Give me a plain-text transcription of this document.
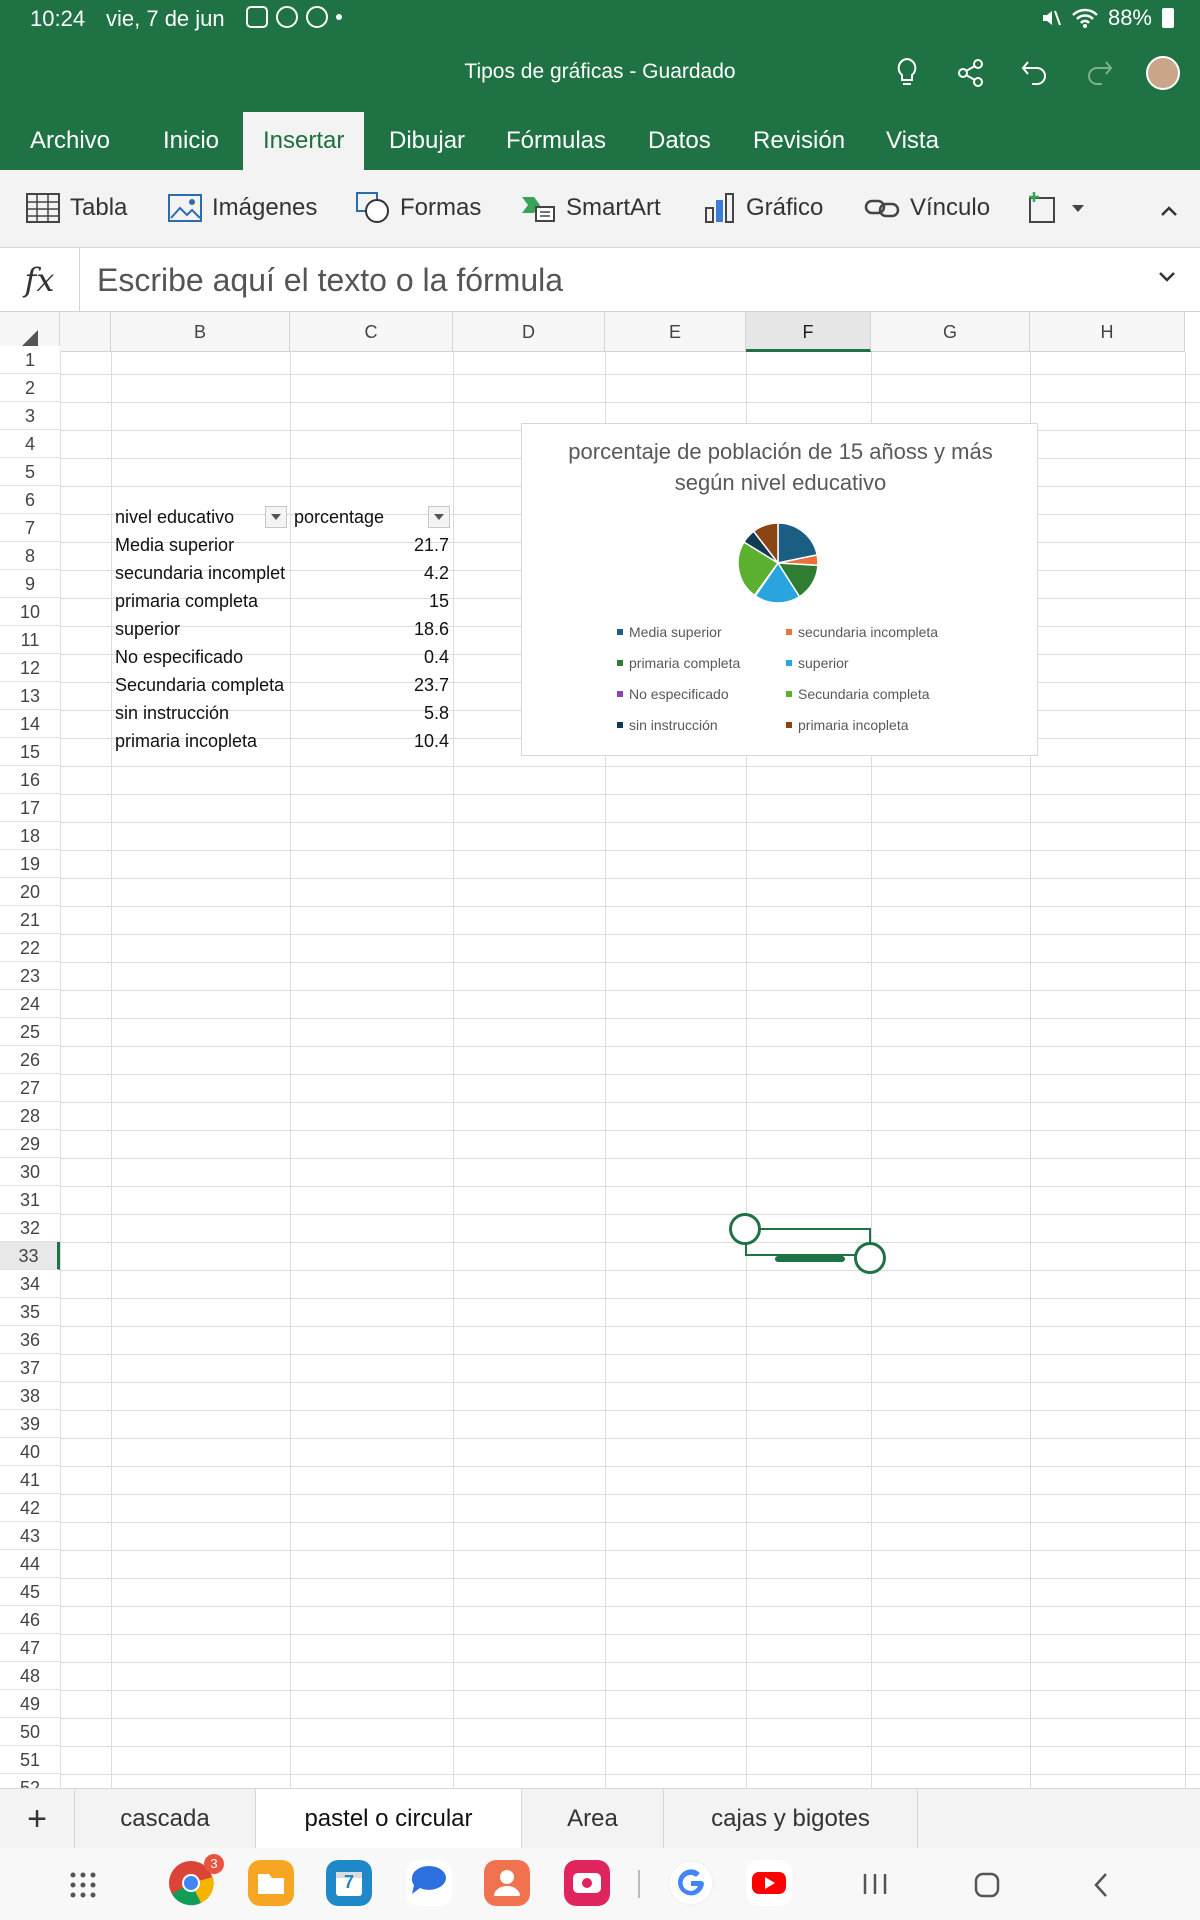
10:24 vie, 7 de jun	88%
Tipos de gráficas - Guardado
Archivo	Inicio	Insertar	Dibujar	Fórmulas	Datos	Revisión	Vista
Tabla	Imágenes	Formas	SmartArt	Gráfico	Vínculo
fx	Escribe aquí el texto o la fórmula
B	C	D	E	F	G	H
1
2
3
4
5
6
7
8
9
10
11
12
13
14
15
16
17
18
19
20
21
22
23
24
25
26
27
28
29
30
31
32
33
34
35
36
37
38
39
40
41
42
43
44
45
46
47
48
49
50
51
nivel educativo	porcentage
Media superior	21.7
secundaria incomplet	4.2
primaria completa	15
superior	18.6
No especificado	0.4
Secundaria completa	23.7
sin instrucción	5.8
primaria incopleta	10.4
porcentaje de población de 15 añoss y más según nivel educativo
Media superior	secundaria incompleta
primaria completa	superior
No especificado	Secundaria completa
sin instrucción	primaria incopleta
+	cascada	pastel o circular	Area	cajas y bigotes
3
7
